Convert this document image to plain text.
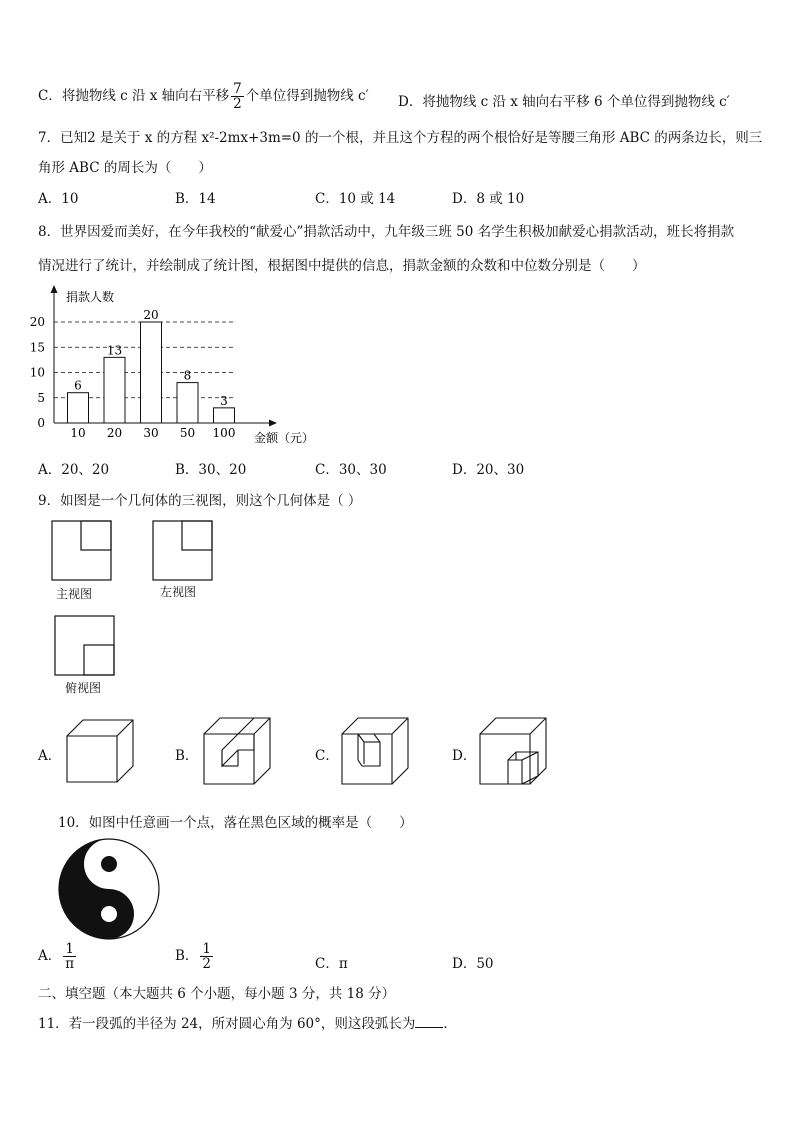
C．将抛物线 c 沿 x 轴向右平移 $\frac{7}{2}$ 个单位得到抛物线 c′ D．将抛物线 c 沿 x 轴向右平移 6 个单位得到抛物线 c′
7．已知2 是关于 x 的方程 x²-2mx+3m=0 的一个根，并且这个方程的两个根恰好是等腰三角形 ABC 的两条边长，则三
角形 ABC 的周长为（　　）
A．10	B．14	C．10 或 14	D．8 或 10
8．世界因爱而美好，在今年我校的“献爱心”捐款活动中，九年级三班 50 名学生积极加献爱心捐款活动，班长将捐款
情况进行了统计，并绘制成了统计图，根据图中提供的信息，捐款金额的众数和中位数分别是（　　）
6
13
20
8
3
捐款人数
金额（元）
0
5
10
15
20
10 20 30 50 100
A．20、20	B．30、20	C．30、30	D．20、30
9．如图是一个几何体的三视图，则这个几何体是（ ）
主视图	左视图
俯视图
A．	B．	C．	D．
10．如图中任意画一个点，落在黑色区域的概率是（　　）
A． $\frac{1}{\pi}$	B． $\frac{1}{2}$	C．π	D．50
二、填空题（本大题共 6 个小题，每小题 3 分，共 18 分）
11．若一段弧的半径为 24，所对圆心角为 60°，则这段弧长为 ．
